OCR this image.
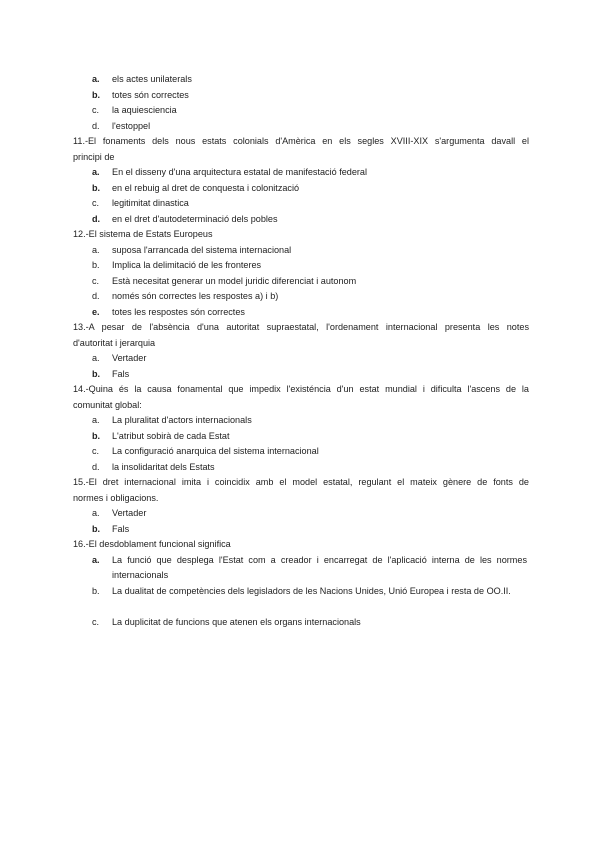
a. els actes unilaterals
b.totes són correctes
c. la aquiesciencia
d. l'estoppel
11.-El fonaments dels nous estats colonials d'Amèrica en els segles XVIII-XIX s'argumenta davall el
principi de
a.En el disseny d'una arquitectura estatal de manifestació federal
b.en el rebuig al dret de conquesta i colonització
c.legitimitat dinastica
d.en el dret d'autodeterminació dels pobles
12.-El sistema de Estats Europeus
a. suposa l'arrancada del sistema internacional
b. Implica la delimitació de les fronteres
c. Està necesitat generar un model juridic diferenciat i autonom
d. només són correctes les respostes a) i b)
e. totes les respostes són correctes
13.-A pesar de l'absència d'una autoritat supraestatal, l'ordenament internacional presenta les notes
d'autoritat i jerarquia
a. Vertader
b. Fals
14.-Quina és la causa fonamental que impedix l'existéncia d'un estat mundial i dificulta l'ascens de la
comunitat global:
a. La pluralitat d'actors internacionals
b.L'atribut sobirà de cada Estat
c. La configuració anarquica del sistema internacional
d. la insolidaritat dels Estats
15.-El dret internacional imita i coincidix amb el model estatal, regulant el mateix gènere de fonts de
normes i obligacions.
a. Vertader
b. Fals
16.-El desdoblament funcional significa
a.La funció que desplega l'Estat com a creador i encarregat de l'aplicació interna de les normes internacionals
b. La dualitat de competències dels legisladors de les Nacions Unides, Unió Europea i resta de OO.II.
c. La duplicitat de funcions que atenen els organs internacionals
